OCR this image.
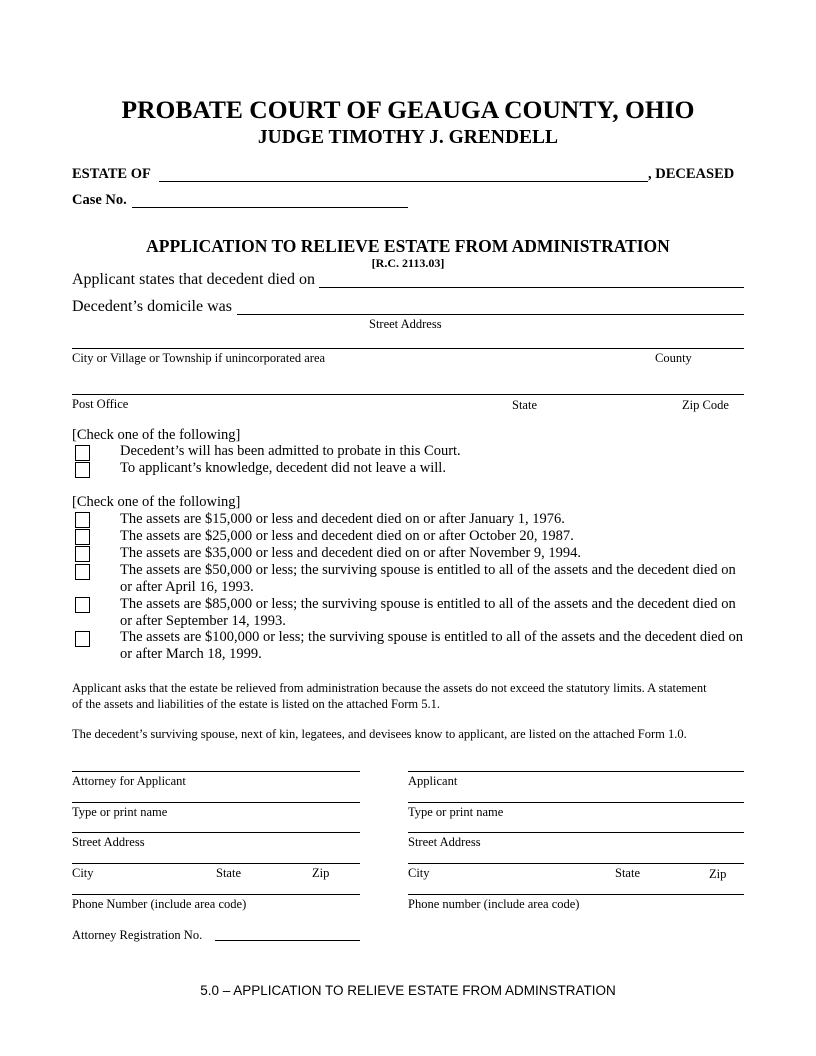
PROBATE COURT OF GEAUGA COUNTY, OHIO
JUDGE TIMOTHY J. GRENDELL
ESTATE OF	, DECEASED
Case No.
APPLICATION TO RELIEVE ESTATE FROM ADMINISTRATION
[R.C. 2113.03]
Applicant states that decedent died on
Decedent’s domicile was
Street Address
City or Village or Township if unincorporated area	County
Post Office	State	Zip Code
[Check one of the following]
Decedent’s will has been admitted to probate in this Court.
To applicant’s knowledge, decedent did not leave a will.
[Check one of the following]
The assets are $15,000 or less and decedent died on or after January 1, 1976.
The assets are $25,000 or less and decedent died on or after October 20, 1987.
The assets are $35,000 or less and decedent died on or after November 9, 1994.
The assets are $50,000 or less; the surviving spouse is entitled to all of the assets and the decedent died on or after April 16, 1993.
The assets are $85,000 or less; the surviving spouse is entitled to all of the assets and the decedent died on or after September 14, 1993.
The assets are $100,000 or less; the surviving spouse is entitled to all of the assets and the decedent died on or after March 18, 1999.
Applicant asks that the estate be relieved from administration because the assets do not exceed the statutory limits. A statement of the assets and liabilities of the estate is listed on the attached Form 5.1.
The decedent’s surviving spouse, next of kin, legatees, and devisees know to applicant, are listed on the attached Form 1.0.
Attorney for Applicant
Type or print name
Street Address
City	State	Zip
Phone Number (include area code)
Attorney Registration No.
Applicant
Type or print name
Street Address
City	State	Zip
Phone number (include area code)
5.0 – APPLICATION TO RELIEVE ESTATE FROM ADMINSTRATION
